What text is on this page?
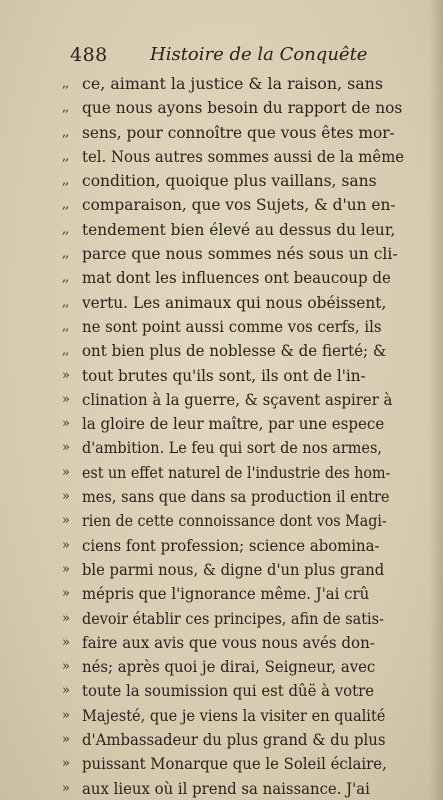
488 Histoire de la Conquête
,, ce, aimant la justice & la raison, sans
,, que nous ayons besoin du rapport de nos
,, sens, pour connoître que vous êtes mor-
,, tel. Nous autres sommes aussi de la même
,, condition, quoique plus vaillans, sans
,, comparaison, que vos Sujets, & d'un en-
,, tendement bien élevé au dessus du leur,
,, parce que nous sommes nés sous un cli-
,, mat dont les influences ont beaucoup de
,, vertu. Les animaux qui nous obéissent,
,, ne sont point aussi comme vos cerfs, ils
,, ont bien plus de noblesse & de fierté; &
» tout brutes qu'ils sont, ils ont de l'in-
» clination à la guerre, & sçavent aspirer à
» la gloire de leur maître, par une espece
» d'ambition. Le feu qui sort de nos armes,
» est un effet naturel de l'industrie des hom-
» mes, sans que dans sa production il entre
» rien de cette connoissance dont vos Magi-
» ciens font profession; science abomina-
» ble parmi nous, & digne d'un plus grand
» mépris que l'ignorance même. J'ai crû
» devoir établir ces principes, afin de satis-
» faire aux avis que vous nous avés don-
» nés; après quoi je dirai, Seigneur, avec
» toute la soumission qui est dûë à votre
» Majesté, que je viens la visiter en qualité
» d'Ambassadeur du plus grand & du plus
» puissant Monarque que le Soleil éclaire,
» aux lieux où il prend sa naissance. J'ai
